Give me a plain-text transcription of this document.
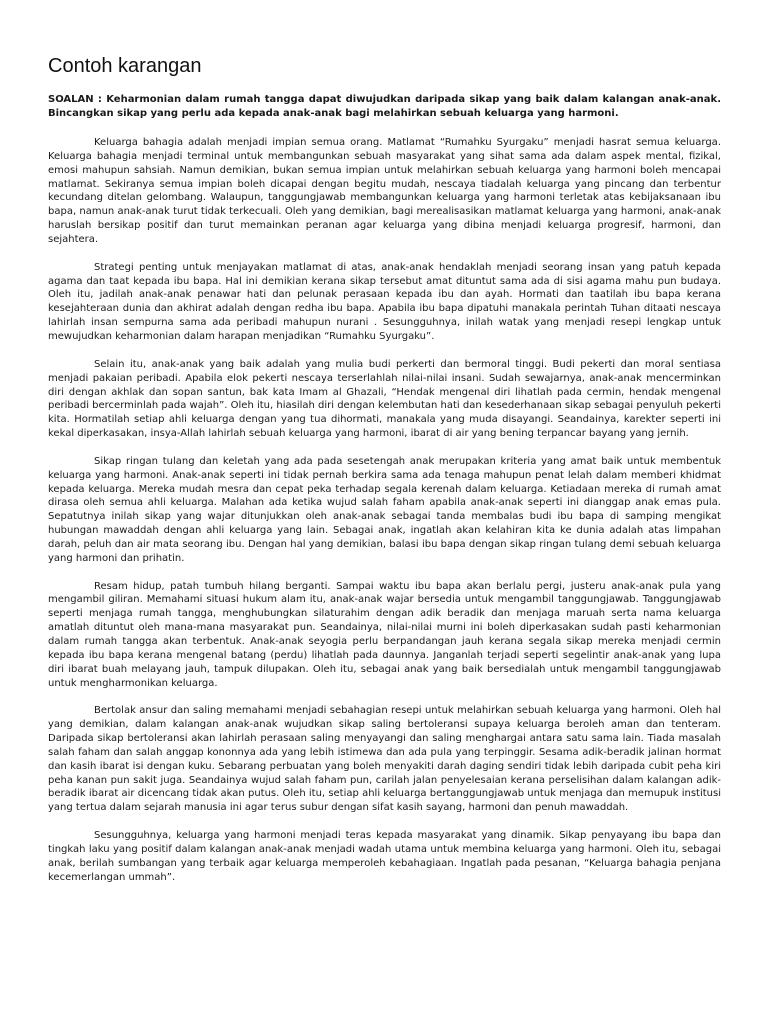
Contoh karangan

SOALAN : Keharmonian dalam rumah tangga dapat diwujudkan daripada sikap yang baik dalam kalangan anak-anak. Bincangkan sikap yang perlu ada kepada anak-anak bagi melahirkan sebuah keluarga yang harmoni.

Keluarga bahagia adalah menjadi impian semua orang. Matlamat “Rumahku Syurgaku” menjadi hasrat semua keluarga. Keluarga bahagia menjadi terminal untuk membangunkan sebuah masyarakat yang sihat sama ada dalam aspek mental, fizikal, emosi mahupun sahsiah. Namun demikian, bukan semua impian untuk melahirkan sebuah keluarga yang harmoni boleh mencapai matlamat. Sekiranya semua impian boleh dicapai dengan begitu mudah, nescaya tiadalah keluarga yang pincang dan terbentur kecundang ditelan gelombang. Walaupun, tanggungjawab membangunkan keluarga yang harmoni terletak atas kebijaksanaan ibu bapa, namun anak-anak turut tidak terkecuali. Oleh yang demikian, bagi merealisasikan matlamat keluarga yang harmoni, anak-anak haruslah bersikap positif dan turut memainkan peranan agar keluarga yang dibina menjadi keluarga progresif, harmoni, dan sejahtera.

Strategi penting untuk menjayakan matlamat di atas, anak-anak hendaklah menjadi seorang insan yang patuh kepada agama dan taat kepada ibu bapa. Hal ini demikian kerana sikap tersebut amat dituntut sama ada di sisi agama mahu pun budaya. Oleh itu, jadilah anak-anak penawar hati dan pelunak perasaan kepada ibu dan ayah. Hormati dan taatilah ibu bapa kerana kesejahteraan dunia dan akhirat adalah dengan redha ibu bapa. Apabila ibu bapa dipatuhi manakala perintah Tuhan ditaati nescaya lahirlah insan sempurna sama ada peribadi mahupun nurani . Sesungguhnya, inilah watak yang menjadi resepi lengkap untuk mewujudkan keharmonian dalam harapan menjadikan “Rumahku Syurgaku”.

Selain itu, anak-anak yang baik adalah yang mulia budi perkerti dan bermoral tinggi. Budi pekerti dan moral sentiasa menjadi pakaian peribadi. Apabila elok pekerti nescaya terserlahlah nilai-nilai insani. Sudah sewajarnya, anak-anak mencerminkan diri dengan akhlak dan sopan santun, bak kata Imam al Ghazali, “Hendak mengenal diri lihatlah pada cermin, hendak mengenal peribadi bercerminlah pada wajah”. Oleh itu, hiasilah diri dengan kelembutan hati dan kesederhanaan sikap sebagai penyuluh pekerti kita. Hormatilah setiap ahli keluarga dengan yang tua dihormati, manakala yang muda disayangi. Seandainya, karekter seperti ini kekal diperkasakan, insya-Allah lahirlah sebuah keluarga yang harmoni, ibarat di air yang bening terpancar bayang yang jernih.

Sikap ringan tulang dan keletah yang ada pada sesetengah anak merupakan kriteria yang amat baik untuk membentuk keluarga yang harmoni. Anak-anak seperti ini tidak pernah berkira sama ada tenaga mahupun penat lelah dalam memberi khidmat kepada keluarga. Mereka mudah mesra dan cepat peka terhadap segala kerenah dalam keluarga. Ketiadaan mereka di rumah amat dirasa oleh semua ahli keluarga. Malahan ada ketika wujud salah faham apabila anak-anak seperti ini dianggap anak emas pula. Sepatutnya inilah sikap yang wajar ditunjukkan oleh anak-anak sebagai tanda membalas budi ibu bapa di samping mengikat hubungan mawaddah dengan ahli keluarga yang lain. Sebagai anak, ingatlah akan kelahiran kita ke dunia adalah atas limpahan darah, peluh dan air mata seorang ibu. Dengan hal yang demikian, balasi ibu bapa dengan sikap ringan tulang demi sebuah keluarga yang harmoni dan prihatin.

Resam hidup, patah tumbuh hilang berganti. Sampai waktu ibu bapa akan berlalu pergi, justeru anak-anak pula yang mengambil giliran. Memahami situasi hukum alam itu, anak-anak wajar bersedia untuk mengambil tanggungjawab. Tanggungjawab seperti menjaga rumah tangga, menghubungkan silaturahim dengan adik beradik dan menjaga maruah serta nama keluarga amatlah dituntut oleh mana-mana masyarakat pun. Seandainya, nilai-nilai murni ini boleh diperkasakan sudah pasti keharmonian dalam rumah tangga akan terbentuk. Anak-anak seyogia perlu berpandangan jauh kerana segala sikap mereka menjadi cermin kepada ibu bapa kerana mengenal batang (perdu) lihatlah pada daunnya. Janganlah terjadi seperti segelintir anak-anak yang lupa diri ibarat buah melayang jauh, tampuk dilupakan. Oleh itu, sebagai anak yang baik bersedialah untuk mengambil tanggungjawab untuk mengharmonikan keluarga.

Bertolak ansur dan saling memahami menjadi sebahagian resepi untuk melahirkan sebuah keluarga yang harmoni. Oleh hal yang demikian, dalam kalangan anak-anak wujudkan sikap saling bertoleransi supaya keluarga beroleh aman dan tenteram. Daripada sikap bertoleransi akan lahirlah perasaan saling menyayangi dan saling menghargai antara satu sama lain. Tiada masalah salah faham dan salah anggap kononnya ada yang lebih istimewa dan ada pula yang terpinggir. Sesama adik-beradik jalinan hormat dan kasih ibarat isi dengan kuku. Sebarang perbuatan yang boleh menyakiti darah daging sendiri tidak lebih daripada cubit peha kiri peha kanan pun sakit juga. Seandainya wujud salah faham pun, carilah jalan penyelesaian kerana perselisihan dalam kalangan adik-beradik ibarat air dicencang tidak akan putus. Oleh itu, setiap ahli keluarga bertanggungjawab untuk menjaga dan memupuk institusi yang tertua dalam sejarah manusia ini agar terus subur dengan sifat kasih sayang, harmoni dan penuh mawaddah.

Sesungguhnya, keluarga yang harmoni menjadi teras kepada masyarakat yang dinamik. Sikap penyayang ibu bapa dan tingkah laku yang positif dalam kalangan anak-anak menjadi wadah utama untuk membina keluarga yang harmoni. Oleh itu, sebagai anak, berilah sumbangan yang terbaik agar keluarga memperoleh kebahagiaan. Ingatlah pada pesanan, “Keluarga bahagia penjana kecemerlangan ummah”.
